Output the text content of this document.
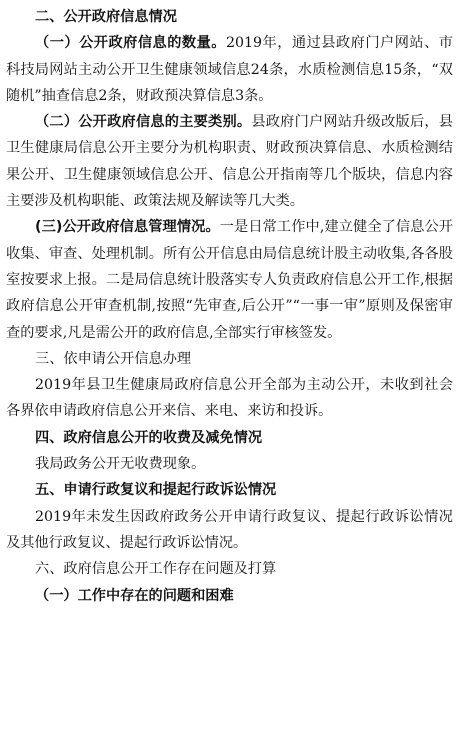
二、公开政府信息情况

（一）公开政府信息的数量。2019年，通过县政府门户网站、市科技局网站主动公开卫生健康领域信息24条，水质检测信息15条，“双随机”抽查信息2条，财政预决算信息3条。

（二）公开政府信息的主要类别。县政府门户网站升级改版后，县卫生健康局信息公开主要分为机构职责、财政预决算信息、水质检测结果公开、卫生健康领域信息公开、信息公开指南等几个版块，信息内容主要涉及机构职能、政策法规及解读等几大类。

(三)公开政府信息管理情况。一是日常工作中,建立健全了信息公开收集、审查、处理机制。所有公开信息由局信息统计股主动收集,各各股室按要求上报。二是局信息统计股落实专人负责政府信息公开工作,根据政府信息公开审查机制,按照“先审查,后公开”“一事一审”原则及保密审查的要求,凡是需公开的政府信息,全部实行审核签发。

三、依申请公开信息办理

2019年县卫生健康局政府信息公开全部为主动公开，未收到社会各界依申请政府信息公开来信、来电、来访和投诉。

四、政府信息公开的收费及减免情况

我局政务公开无收费现象。

五、申请行政复议和提起行政诉讼情况

2019年未发生因政府政务公开申请行政复议、提起行政诉讼情况及其他行政复议、提起行政诉讼情况。

六、政府信息公开工作存在问题及打算

（一）工作中存在的问题和困难
